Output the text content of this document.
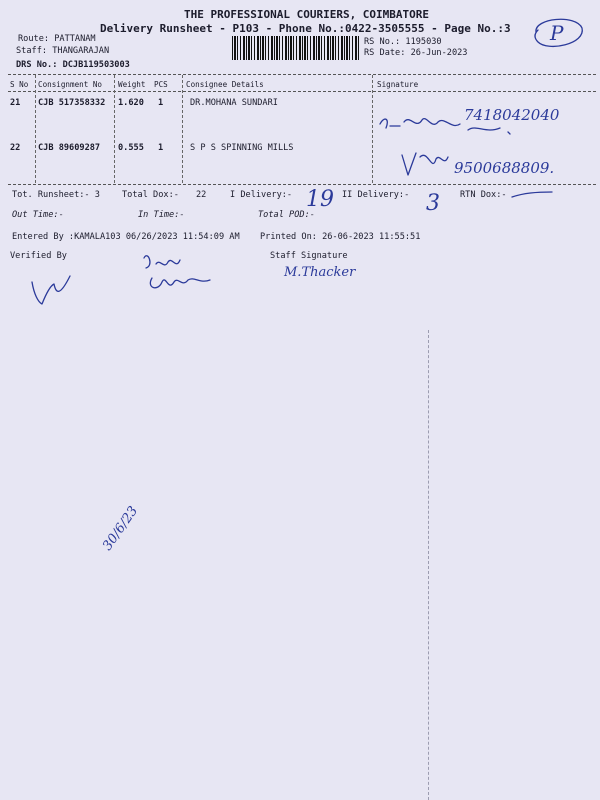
THE PROFESSIONAL COURIERS, COIMBATORE
Delivery Runsheet - P103 - Phone No.:0422-3505555 - Page No.:3
Route: PATTANAM
Staff: THANGARAJAN
DRS No.: DCJB119503003
RS No.: 1195030
RS Date: 26-Jun-2023
P
S No Consignment No Weight PCS Consignee Details	Signature
21 CJB 517358332 1.620 1	DR.MOHANA SUNDARI
22 CJB 89609287 0.555 1	S P S SPINNING MILLS
7418042040
9500688809.
Tot. Runsheet:- 3	Total Dox:- 22	I Delivery:- 19 II Delivery:- 3 RTN Dox:-
Out Time:-	In Time:-	Total POD:-
Entered By :KAMALA103 06/26/2023 11:54:09 AM Printed On: 26-06-2023 11:55:51
Verified By	Staff Signature
M.Thacker
30/6/23
